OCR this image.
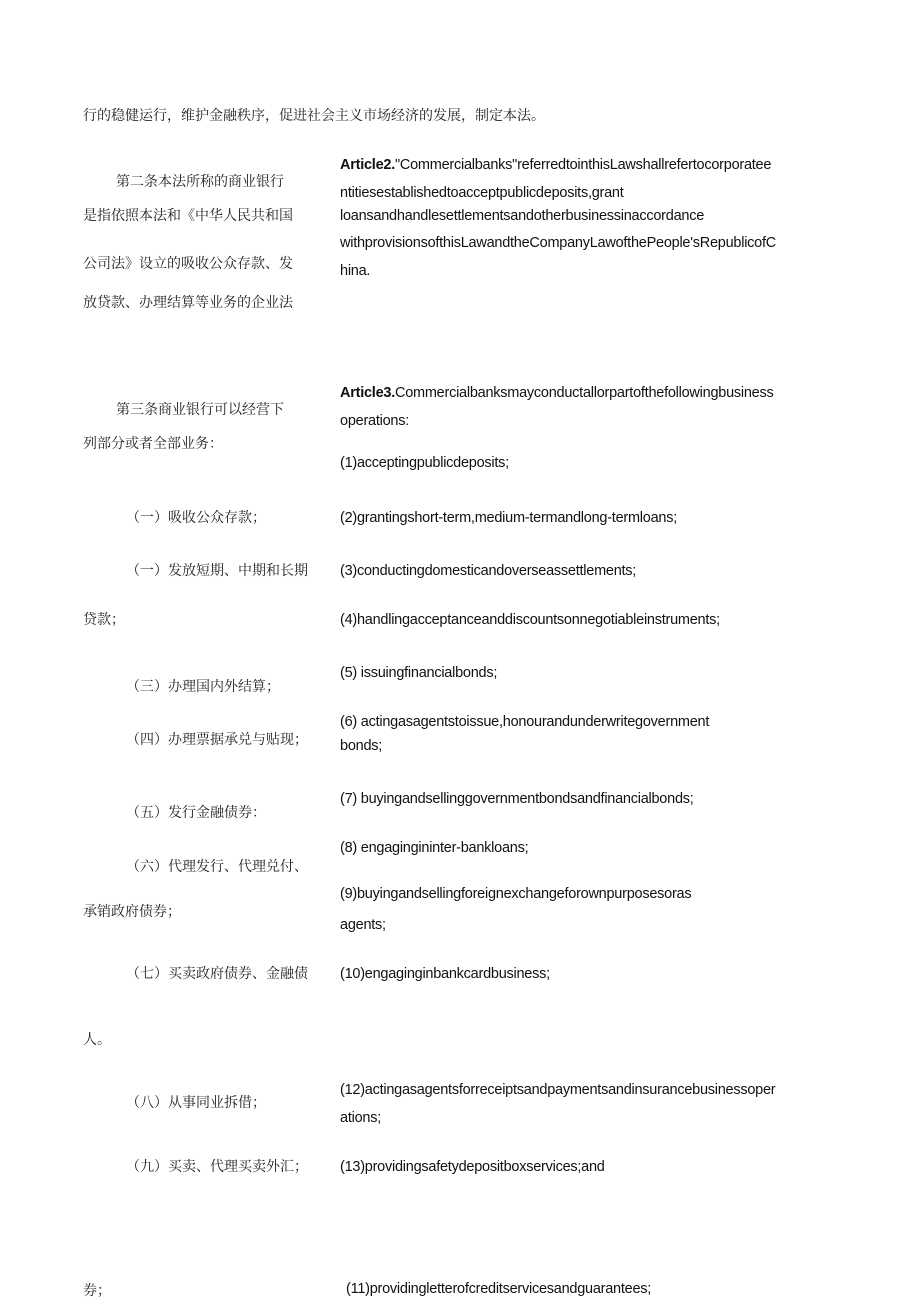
行的稳健运行，维护金融秩序，促进社会主义市场经济的发展，制定本法。
第二条本法所称的商业银行
是指依照本法和《中华人民共和国
公司法》设立的吸收公众存款、发
放贷款、办理结算等业务的企业法
第三条商业银行可以经营下
列部分或者全部业务：
（一）吸收公众存款；
（一）发放短期、中期和长期
贷款；
（三）办理国内外结算；
（四）办理票据承兑与贴现；
（五）发行金融债券：
（六）代理发行、代理兑付、
承销政府债券；
（七）买卖政府债券、金融债
人。
（八）从事同业拆借；
（九）买卖、代理买卖外汇；
券；
Article2."Commercialbanks"referredtointhisLawshallrefertocorporatee
ntitiesestablishedtoacceptpublicdeposits,grant
loansandhandlesettlementsandotherbusinessinaccordance
withprovisionsofthisLawandtheCompanyLawofthePeople'sRepublicofC
hina.
Article3.Commercialbanksmayconductallorpartofthefollowingbusiness
operations:
(1)acceptingpublicdeposits;
(2)grantingshort-term,medium-termandlong-termloans;
(3)conductingdomesticandoverseassettlements;
(4)handlingacceptanceanddiscountsonnegotiableinstruments;
(5) issuingfinancialbonds;
(6) actingasagentstoissue,honourandunderwritegovernment
bonds;
(7) buyingandsellinggovernmentbondsandfinancialbonds;
(8) engagingininter-bankloans;
(9)buyingandsellingforeignexchangeforownpurposesoras
agents;
(10)engaginginbankcardbusiness;
(12)actingasagentsforreceiptsandpaymentsandinsurancebusinessoper
ations;
(13)providingsafetydepositboxservices;and
(11)providingletterofcreditservicesandguarantees;
